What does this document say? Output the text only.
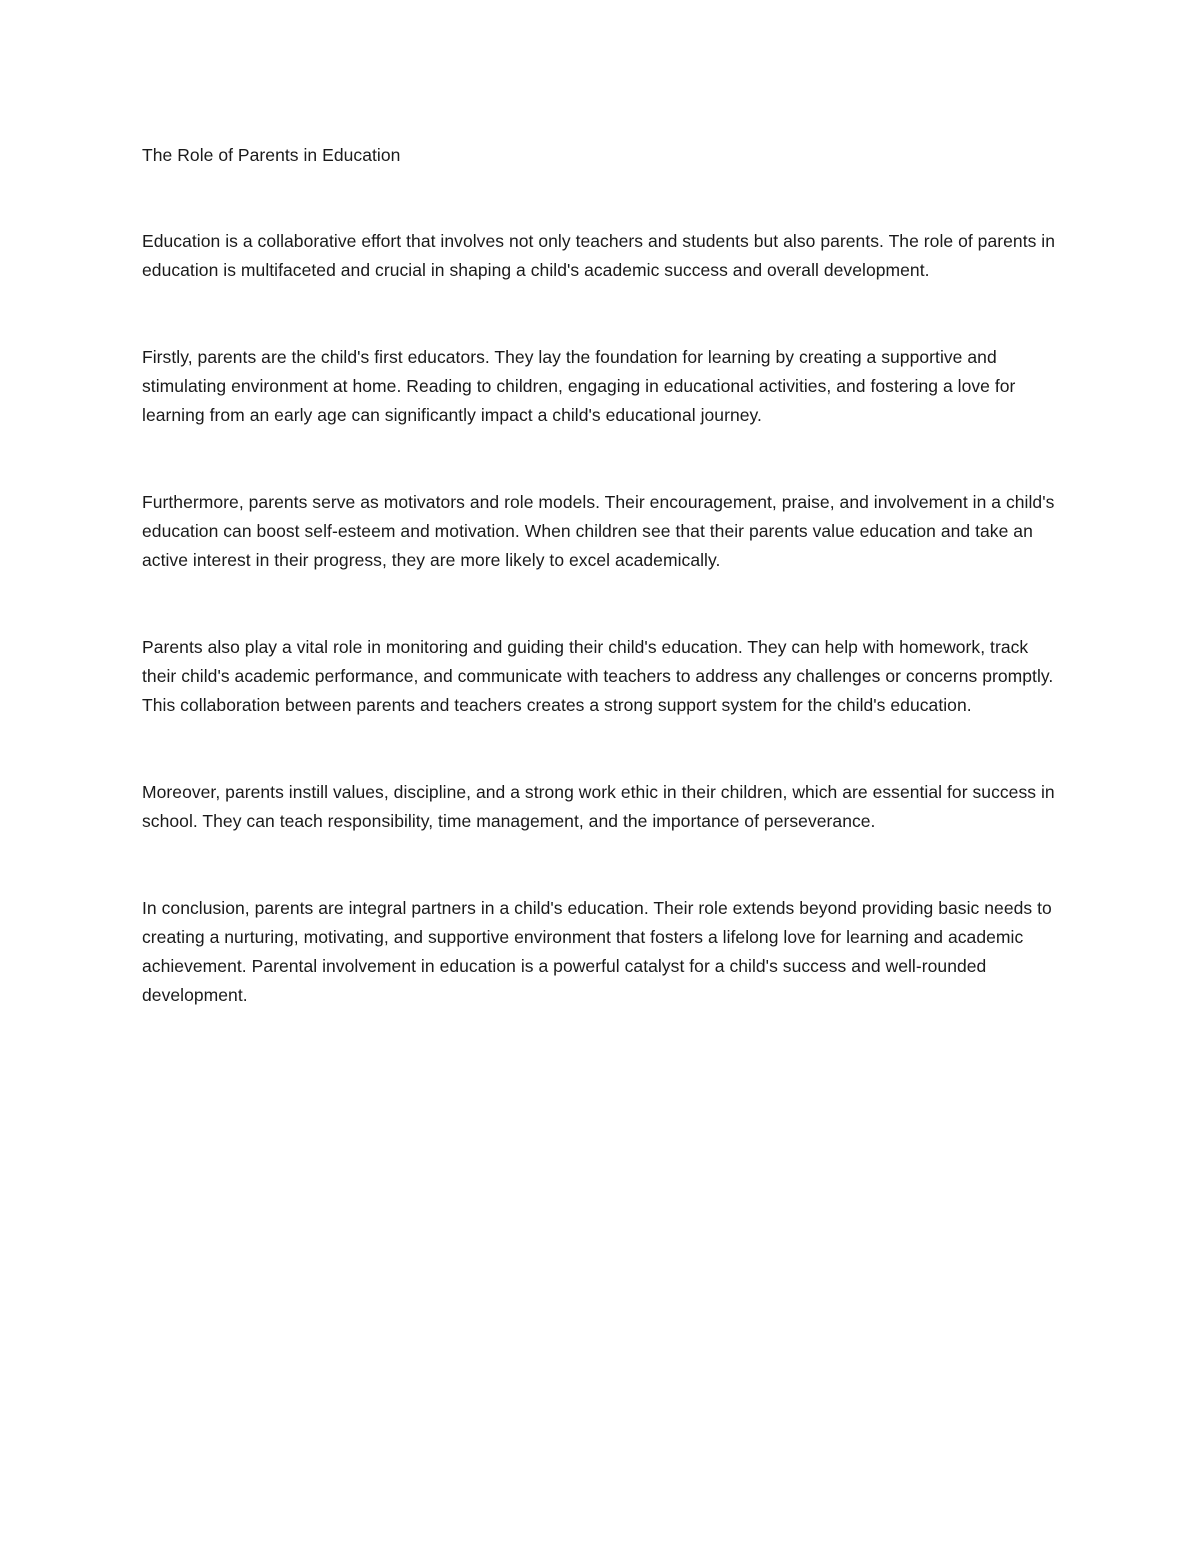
The Role of Parents in Education

Education is a collaborative effort that involves not only teachers and students but also parents. The role of parents in education is multifaceted and crucial in shaping a child's academic success and overall development.

Firstly, parents are the child's first educators. They lay the foundation for learning by creating a supportive and stimulating environment at home. Reading to children, engaging in educational activities, and fostering a love for learning from an early age can significantly impact a child's educational journey.

Furthermore, parents serve as motivators and role models. Their encouragement, praise, and involvement in a child's education can boost self-esteem and motivation. When children see that their parents value education and take an active interest in their progress, they are more likely to excel academically.

Parents also play a vital role in monitoring and guiding their child's education. They can help with homework, track their child's academic performance, and communicate with teachers to address any challenges or concerns promptly. This collaboration between parents and teachers creates a strong support system for the child's education.

Moreover, parents instill values, discipline, and a strong work ethic in their children, which are essential for success in school. They can teach responsibility, time management, and the importance of perseverance.

In conclusion, parents are integral partners in a child's education. Their role extends beyond providing basic needs to creating a nurturing, motivating, and supportive environment that fosters a lifelong love for learning and academic achievement. Parental involvement in education is a powerful catalyst for a child's success and well-rounded development.
